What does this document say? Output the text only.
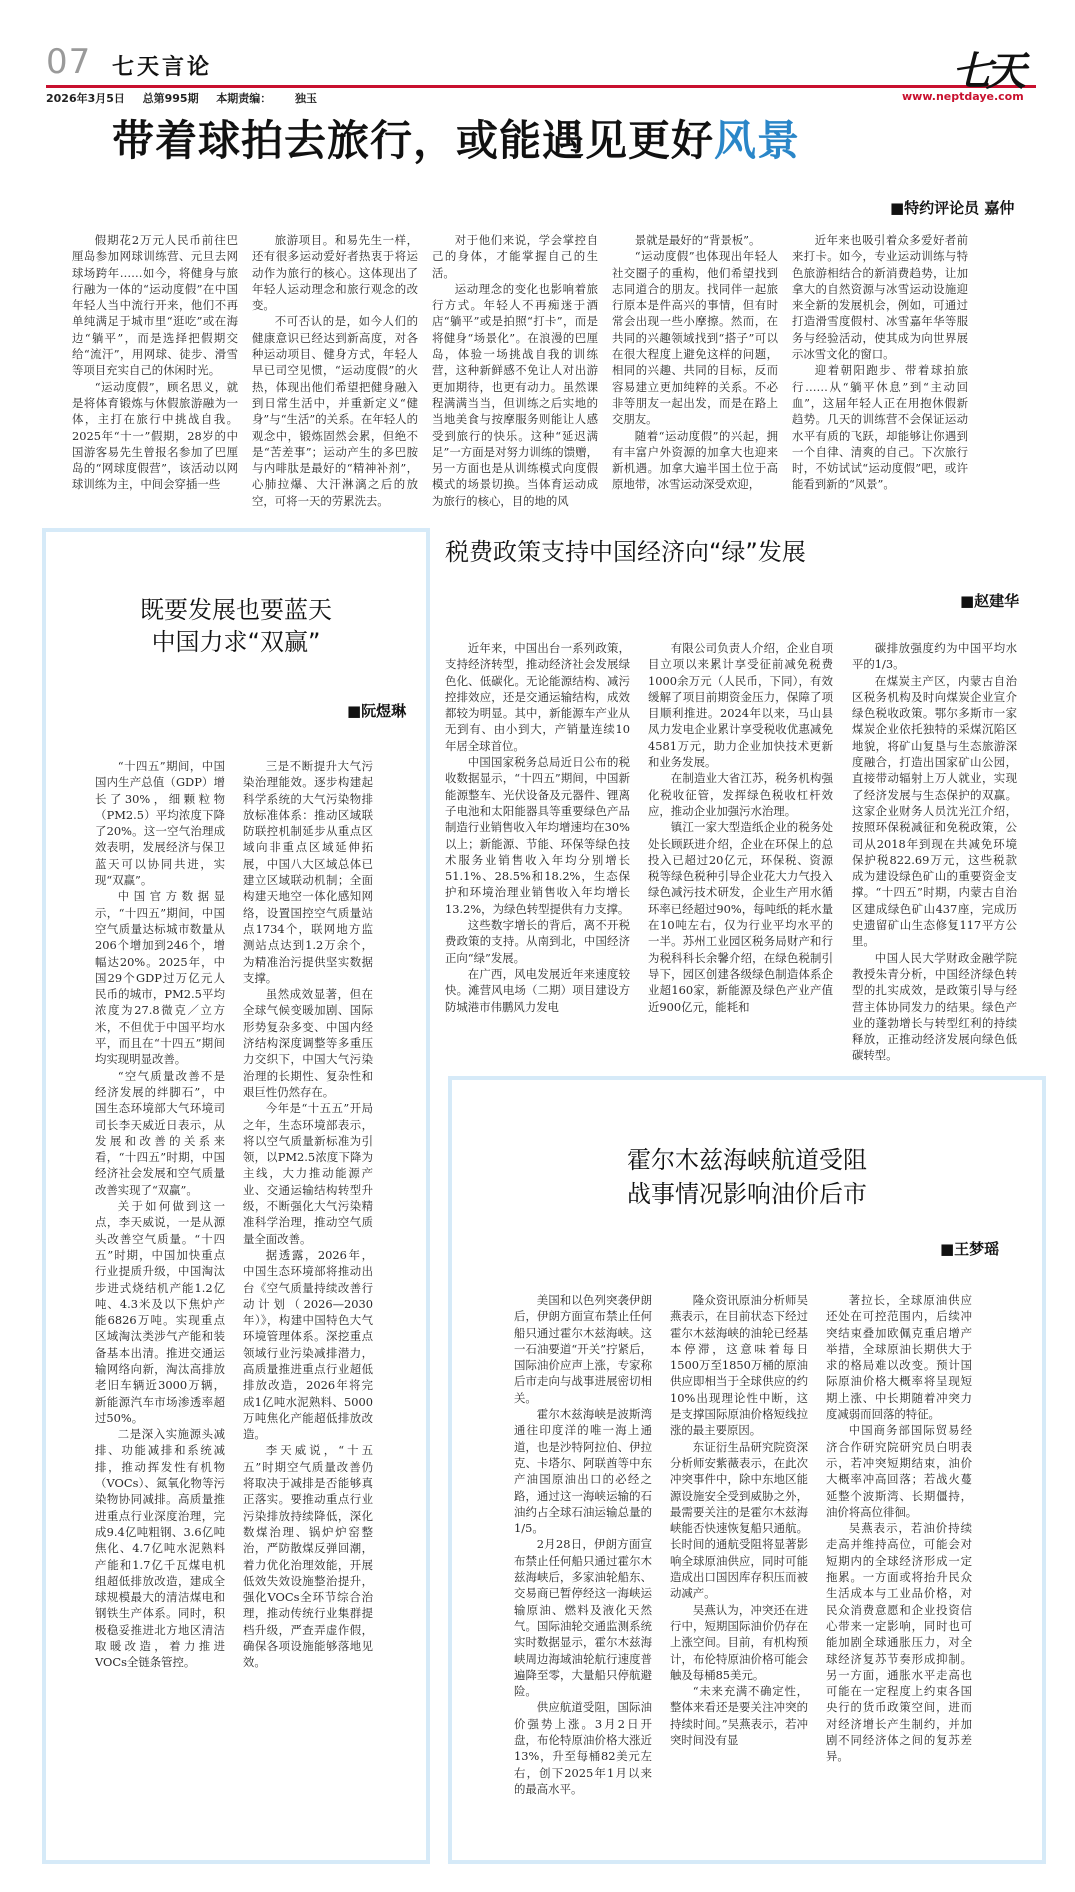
07 七天言论
2026年3月5日 总第995期 本期责编： 独玉
七天
www.neptdaye.com
带着球拍去旅行，或能遇见更好风景
■特约评论员 嘉仲

假期花2万元人民币前往巴厘岛参加网球训练营、元旦去网球场跨年……如今，将健身与旅行融为一体的“运动度假”在中国年轻人当中流行开来，他们不再单纯满足于城市里“逛吃”或在海边“躺平”，而是选择把假期交给“流汗”，用网球、徒步、滑雪等项目充实自己的休闲时光。

“运动度假”，顾名思义，就是将体育锻炼与休假旅游融为一体，主打在旅行中挑战自我。2025年“十一”假期，28岁的中国游客易先生曾报名参加了巴厘岛的“网球度假营”，该活动以网球训练为主，中间会穿插一些

旅游项目。和易先生一样，还有很多运动爱好者热衷于将运动作为旅行的核心。这体现出了年轻人运动理念和旅行观念的改变。

不可否认的是，如今人们的健康意识已经达到新高度，对各种运动项目、健身方式，年轻人早已司空见惯，“运动度假”的火热，体现出他们希望把健身融入到日常生活中，并重新定义“健身”与“生活”的关系。在年轻人的观念中，锻炼固然会累，但绝不是“苦差事”；运动产生的多巴胺与内啡肽是最好的“精神补剂”，心肺拉爆、大汗淋漓之后的放空，可将一天的劳累洗去。

对于他们来说，学会掌控自己的身体，才能掌握自己的生活。

运动理念的变化也影响着旅行方式。年轻人不再痴迷于酒店“躺平”或是拍照“打卡”，而是将健身“场景化”。在浪漫的巴厘岛，体验一场挑战自我的训练营，这种新鲜感不免让人对出游更加期待，也更有动力。虽然课程满满当当，但训练之后实地的当地美食与按摩服务则能让人感受到旅行的快乐。这种“延迟满足”一方面是对努力训练的馈赠，另一方面也是从训练模式向度假模式的场景切换。当体育运动成为旅行的核心，目的地的风

景就是最好的“背景板”。

“运动度假”也体现出年轻人社交圈子的重构，他们希望找到志同道合的朋友。找同伴一起旅行原本是件高兴的事情，但有时常会出现一些小摩擦。然而，在共同的兴趣领域找到“搭子”可以在很大程度上避免这样的问题，相同的兴趣、共同的目标，反而容易建立更加纯粹的关系。不必非等朋友一起出发，而是在路上交朋友。

随着“运动度假”的兴起，拥有丰富户外资源的加拿大也迎来新机遇。加拿大遍半国土位于高原地带，冰雪运动深受欢迎，

近年来也吸引着众多爱好者前来打卡。如今，专业运动训练与特色旅游相结合的新消费趋势，让加拿大的自然资源与冰雪运动设施迎来全新的发展机会，例如，可通过打造滑雪度假村、冰雪嘉年华等服务与经验活动，使其成为向世界展示冰雪文化的窗口。

迎着朝阳跑步、带着球拍旅行……从“躺平休息”到“主动回血”，这届年轻人正在用抱休假新趋势。几天的训练营不会保证运动水平有质的飞跃，却能够让你遇到一个自律、清爽的自己。下次旅行时，不妨试试“运动度假”吧，或许能看到新的“风景”。

既要发展也要蓝天
中国力求“双赢”
■阮煜琳

“十四五”期间，中国国内生产总值（GDP）增长了30%，细颗粒物（PM2.5）平均浓度下降了20%。这一空气治理成效表明，发展经济与保卫蓝天可以协同共进，实现“双赢”。

中国官方数据显示，“十四五”期间，中国空气质量达标城市数量从206个增加到246个，增幅达20%。2025年，中国29个GDP过万亿元人民币的城市，PM2.5平均浓度为27.8微克／立方米，不但优于中国平均水平，而且在“十四五”期间均实现明显改善。

“空气质量改善不是经济发展的绊脚石”，中国生态环境部大气环境司司长李天威近日表示，从发展和改善的关系来看，“十四五”时期，中国经济社会发展和空气质量改善实现了“双赢”。

关于如何做到这一点，李天威说，一是从源头改善空气质量。“十四五”时期，中国加快重点行业提质升级，中国淘汰步进式烧结机产能1.2亿吨、4.3米及以下焦炉产能6826万吨。实现重点区域淘汰类涉气产能和装备基本出清。推进交通运输网络向新，淘汰高排放老旧车辆近3000万辆，新能源汽车市场渗透率超过50%。

二是深入实施源头减排、功能减排和系统减排，推动挥发性有机物（VOCs）、氮氧化物等污染物协同减排。高质量推进重点行业深度治理，完成9.4亿吨粗钢、3.6亿吨焦化、4.7亿吨水泥熟料产能和1.7亿千瓦煤电机组超低排放改造，建成全球规模最大的清洁煤电和钢铁生产体系。同时，积极稳妥推进北方地区清洁取暖改造，着力推进VOCs全链条管控。

三是不断提升大气污染治理能效。逐步构建起科学系统的大气污染物排放标准体系：推动区域联防联控机制延步从重点区域向非重点区域延伸拓展，中国八大区域总体已建立区域联动机制；全面构建天地空一体化感知网络，设置国控空气质量站点1734个，联网地方监测站点达到1.2万余个，为精准治污提供坚实数据支撑。

虽然成效显著，但在全球气候变暖加剧、国际形势复杂多变、中国内经济结构深度调整等多重压力交织下，中国大气污染治理的长期性、复杂性和艰巨性仍然存在。

今年是“十五五”开局之年，生态环境部表示，将以空气质量新标准为引领，以PM2.5浓度下降为主线，大力推动能源产业、交通运输结构转型升级，不断强化大气污染精准科学治理，推动空气质量全面改善。

据透露，2026年，中国生态环境部将推动出台《空气质量持续改善行动计划（2026—2030年）》，构建中国特色大气环境管理体系。深挖重点领域行业污染减排潜力，高质量推进重点行业超低排放改造，2026年将完成1亿吨水泥熟料、5000万吨焦化产能超低排放改造。

李天威说，“十五五”时期空气质量改善仍将取决于减排是否能够真正落实。要推动重点行业污染排放持续降低，深化数煤治理、锅炉炉窑整治，严防散煤反弹回潮，着力优化治理效能，开展低效失效设施整治提升，强化VOCs全环节综合治理，推动传统行业集群提档升级，严查弄虚作假，确保各项设施能够落地见效。

税费政策支持中国经济向“绿”发展
■赵建华

近年来，中国出台一系列政策，支持经济转型，推动经济社会发展绿色化、低碳化。无论能源结构、减污控排效应，还是交通运输结构，成效都较为明显。其中，新能源车产业从无到有、由小到大，产销量连续10年居全球首位。

中国国家税务总局近日公布的税收数据显示，“十四五”期间，中国新能源整车、光伏设备及元器件、锂离子电池和太阳能器具等重要绿色产品制造行业销售收入年均增速均在30%以上；新能源、节能、环保等绿色技术服务业销售收入年均分别增长51.1%、28.5%和18.2%，生态保护和环境治理业销售收入年均增长13.2%，为绿色转型提供有力支撑。

这些数字增长的背后，离不开税费政策的支持。从南到北，中国经济正向“绿”发展。

在广西，风电发展近年来速度较快。滩营风电场（二期）项目建设方防城港市伟鹏风力发电

有限公司负责人介绍，企业自项目立项以来累计享受征前减免税费1000余万元（人民币，下同），有效缓解了项目前期资金压力，保障了项目顺利推进。2024年以来，马山县凤力发电企业累计享受税收优惠减免4581万元，助力企业加快技术更新和业务发展。

在制造业大省江苏，税务机构强化税收征管，发挥绿色税收杠杆效应，推动企业加强污水治理。

镇江一家大型造纸企业的税务处处长顾跃进介绍，企业在环保上的总投入已超过20亿元，环保税、资源税等绿色税种引导企业花大力气投入绿色减污技术研发，企业生产用水循环率已经超过90%，每吨纸的耗水量在10吨左右，仅为行业平均水平的一半。苏州工业园区税务局财产和行为税科科长余馨介绍，在绿色税制引导下，园区创建各级绿色制造体系企业超160家，新能源及绿色产业产值近900亿元，能耗和

碳排放强度约为中国平均水平的1/3。

在煤炭主产区，内蒙古自治区税务机构及时向煤炭企业宣介绿色税收政策。鄂尔多斯市一家煤炭企业依托独特的采煤沉陷区地貌，将矿山复垦与生态旅游深度融合，打造出国家矿山公园，直接带动辐射上万人就业，实现了经济发展与生态保护的双赢。这家企业财务人员沈光江介绍，按照环保税减征和免税政策，公司从2018年到现在共减免环境保护税822.69万元，这些税款成为建设绿色矿山的重要资金支撑。“十四五”时期，内蒙古自治区建成绿色矿山437座，完成历史遗留矿山生态修复117平方公里。

中国人民大学财政金融学院教授朱青分析，中国经济绿色转型的扎实成效，是政策引导与经营主体协同发力的结果。绿色产业的蓬勃增长与转型红利的持续释放，正推动经济发展向绿色低碳转型。

霍尔木兹海峡航道受阻
战事情况影响油价后市
■王梦瑶

美国和以色列突袭伊朗后，伊朗方面宣布禁止任何船只通过霍尔木兹海峡。这一石油要道“开关”拧紧后，国际油价应声上涨，专家称后市走向与战事进展密切相关。

霍尔木兹海峡是波斯湾通往印度洋的唯一海上通道，也是沙特阿拉伯、伊拉克、卡塔尔、阿联酋等中东产油国原油出口的必经之路，通过这一海峡运输的石油约占全球石油运输总量的1/5。

2月28日，伊朗方面宣布禁止任何船只通过霍尔木兹海峡后，多家油轮船东、交易商已暂停经这一海峡运输原油、燃料及液化天然气。国际油轮交通监测系统实时数据显示，霍尔木兹海峡周边海域油轮航行速度普遍降至零，大量船只停航避险。

供应航道受阻，国际油价强势上涨。3月2日开盘，布伦特原油价格大涨近13%，升至每桶82美元左右，创下2025年1月以来的最高水平。

隆众资讯原油分析师吴燕表示，在目前状态下经过霍尔木兹海峡的油轮已经基本停滞，这意味着每日1500万至1850万桶的原油供应即相当于全球供应的约10%出现理论性中断，这是支撑国际原油价格短线拉涨的最主要原因。

东证衍生品研究院资深分析师安紫薇表示，在此次冲突事件中，除中东地区能源设施安全受到威胁之外，最需要关注的是霍尔木兹海峡能否快速恢复船只通航。长时间的通航受阻将显著影响全球原油供应，同时可能造成出口国因库存积压而被动减产。

吴燕认为，冲突还在进行中，短期国际油价仍存在上涨空间。目前，有机构预计，布伦特原油价格可能会触及每桶85美元。

“未来充满不确定性，整体来看还是要关注冲突的持续时间。”吴燕表示，若冲突时间没有显

著拉长，全球原油供应还处在可控范围内，后续冲突结束叠加欧佩克重启增产举措，全球原油长期供大于求的格局难以改变。预计国际原油价格大概率将呈现短期上涨、中长期随着冲突力度减弱而回落的特征。

中国商务部国际贸易经济合作研究院研究员白明表示，若冲突短期结束，油价大概率冲高回落；若战火蔓延整个波斯湾、长期僵持，油价将高位徘徊。

吴燕表示，若油价持续走高并维持高位，可能会对短期内的全球经济形成一定拖累。一方面或将抬升民众生活成本与工业品价格，对民众消费意愿和企业投资信心带来一定影响，同时也可能加剧全球通胀压力，对全球经济复苏节奏形成抑制。另一方面，通胀水平走高也可能在一定程度上约束各国央行的货币政策空间，进而对经济增长产生制约，并加剧不同经济体之间的复苏差异。
